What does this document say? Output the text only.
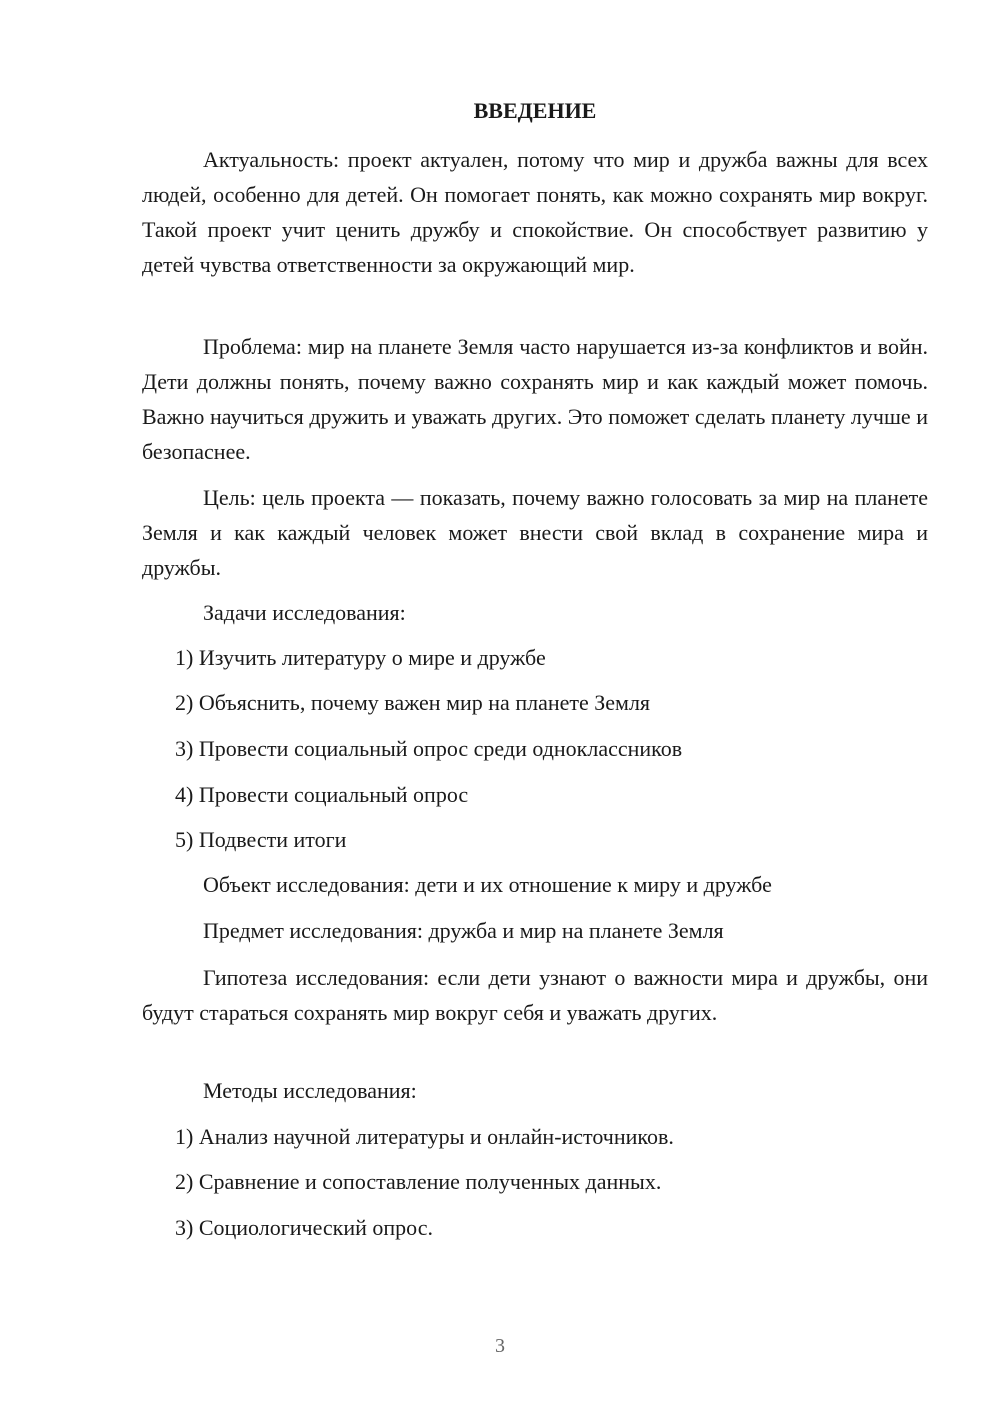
ВВЕДЕНИЕ
Актуальность: проект актуален, потому что мир и дружба важны для всех людей, особенно для детей. Он помогает понять, как можно сохранять мир вокруг. Такой проект учит ценить дружбу и спокойствие. Он способствует развитию у детей чувства ответственности за окружающий мир.
Проблема: мир на планете Земля часто нарушается из-за конфликтов и войн. Дети должны понять, почему важно сохранять мир и как каждый может помочь. Важно научиться дружить и уважать других. Это поможет сделать планету лучше и безопаснее.
Цель: цель проекта — показать, почему важно голосовать за мир на планете Земля и как каждый человек может внести свой вклад в сохранение мира и дружбы.
Задачи исследования:
1) Изучить литературу о мире и дружбе
2) Объяснить, почему важен мир на планете Земля
3) Провести социальный опрос среди одноклассников
4) Провести социальный опрос
5) Подвести итоги
Объект исследования: дети и их отношение к миру и дружбе
Предмет исследования: дружба и мир на планете Земля
Гипотеза исследования: если дети узнают о важности мира и дружбы, они будут стараться сохранять мир вокруг себя и уважать других.
Методы исследования:
1) Анализ научной литературы и онлайн-источников.
2) Сравнение и сопоставление полученных данных.
3) Социологический опрос.
3
